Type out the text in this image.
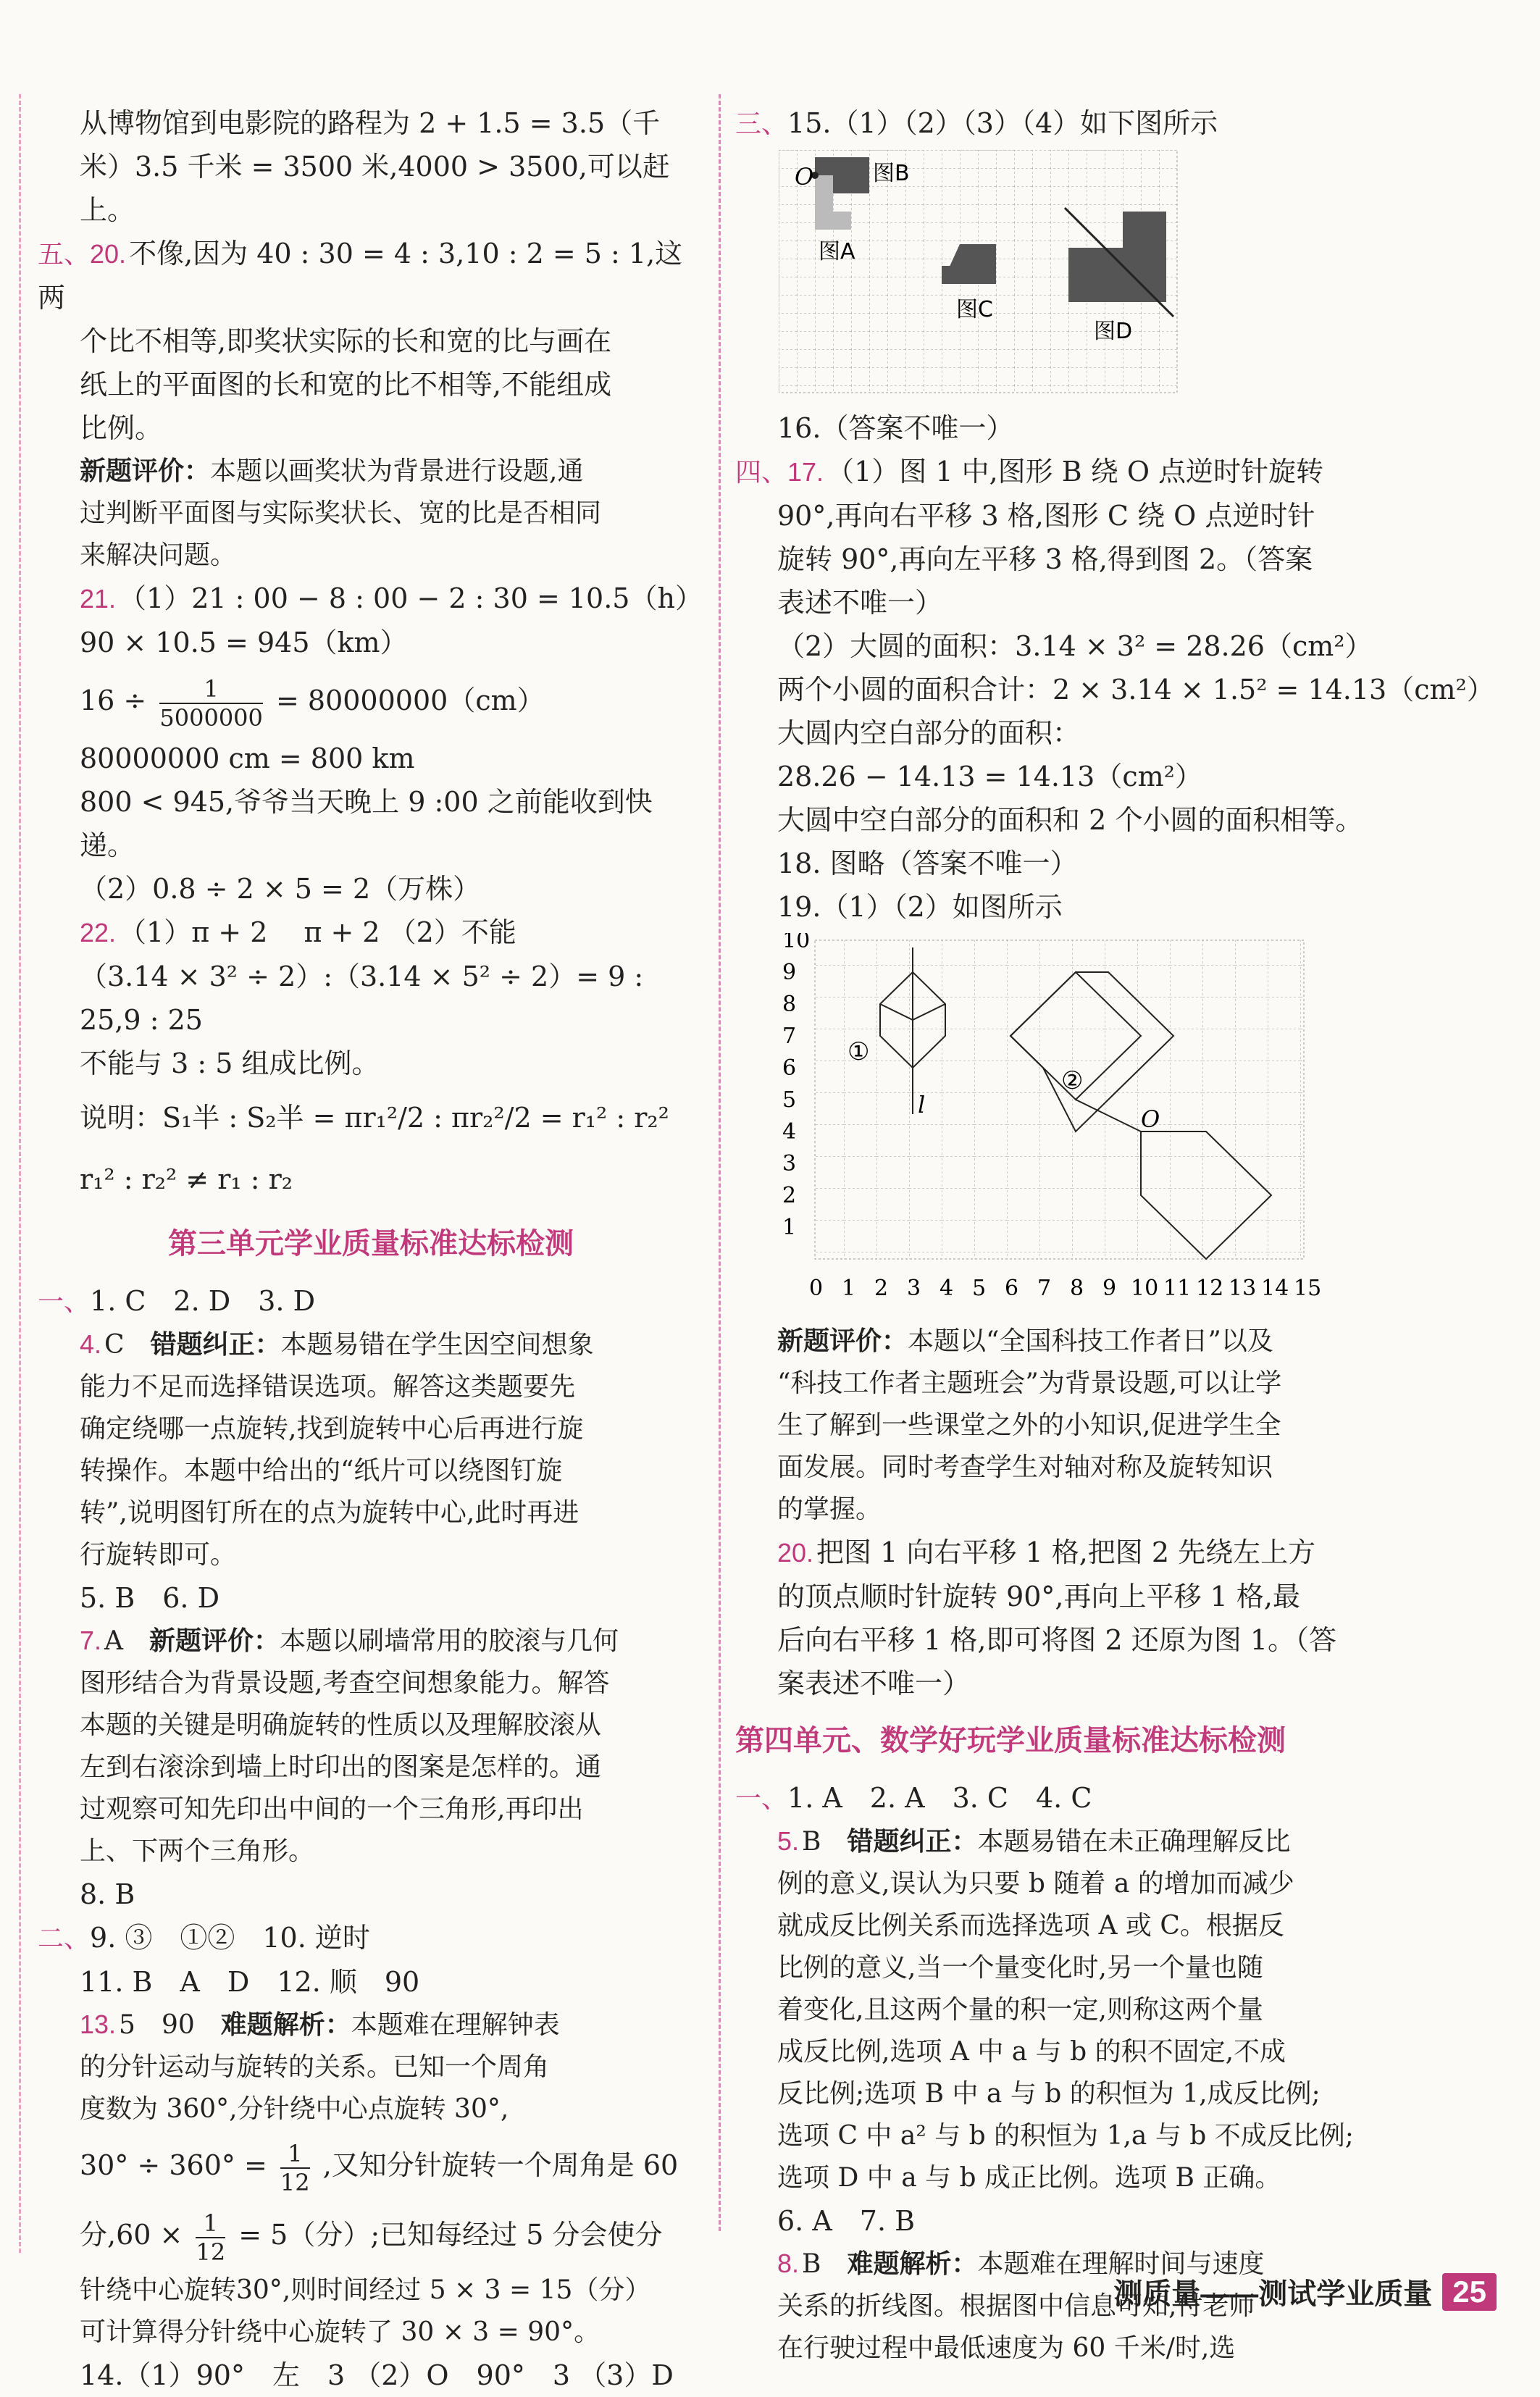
从博物馆到电影院的路程为 2 + 1.5 = 3.5（千

米）3.5 千米 = 3500 米,4000 > 3500,可以赶上。

五、20. 不像,因为 40 : 30 = 4 : 3,10 : 2 = 5 : 1,这两

个比不相等,即奖状实际的长和宽的比与画在

纸上的平面图的长和宽的比不相等,不能组成

比例。

新题评价：本题以画奖状为背景进行设题,通

过判断平面图与实际奖状长、宽的比是否相同

来解决问题。

21. （1）21 : 00 − 8 : 00 − 2 : 30 = 10.5（h）

90 × 10.5 = 945（km）

$16 \div \frac{1}{5000000} = 80000000(cm)$

80000000 cm = 800 km

800 < 945,爷爷当天晚上 9 :00 之前能收到快递。

（2）0.8 ÷ 2 × 5 = 2（万株）

22. （1）π + 2　 π + 2 （2）不能

（3.14 × 3² ÷ 2）:（3.14 × 5² ÷ 2）= 9 : 25,9 : 25

不能与 3 : 5 组成比例。

说明：S₁半 : S₂半 = πr₁²/2 : πr₂²/2 = r₁² : r₂²

r₁² : r₂² ≠ r₁ : r₂

第三单元学业质量标准达标检测

一、1. C　2. D　3. D

4. C　 错题纠正：本题易错在学生因空间想象

能力不足而选择错误选项。解答这类题要先

确定绕哪一点旋转,找到旋转中心后再进行旋

转操作。本题中给出的“纸片可以绕图钉旋

转”,说明图钉所在的点为旋转中心,此时再进

行旋转即可。

5. B　6. D

7. A　 新题评价：本题以刷墙常用的胶滚与几何

图形结合为背景设题,考查空间想象能力。解答

本题的关键是明确旋转的性质以及理解胶滚从

左到右滚涂到墙上时印出的图案是怎样的。通

过观察可知先印出中间的一个三角形,再印出

上、下两个三角形。

8. B

二、9. ③　①②　10. 逆时

11. B　A　D　12. 顺　90

13. 5　90　 难题解析：本题难在理解钟表

的分针运动与旋转的关系。已知一个周角

度数为 360°,分针绕中心点旋转 30°,

$30^\circ \div 360^\circ = \frac{1}{12}$ ,又知分针旋转一个周角是 60

分$,60 \times \frac{1}{12} = 5$（分）;已知每经过 5 分会使分

针绕中心旋转30°,则时间经过 5 × 3 = 15（分）

可计算得分针绕中心旋转了 30 × 3 = 90°。

14.（1）90°　左　3 （2）O　90°　3 （3）D

三、15.（1）（2）（3）（4）如下图所示

O	图B
图A
图C
图D

16.（答案不唯一）

四、17. （1）图 1 中,图形 B 绕 O 点逆时针旋转

90°,再向右平移 3 格,图形 C 绕 O 点逆时针

旋转 90°,再向左平移 3 格,得到图 2。（答案

表述不唯一）

（2）大圆的面积：3.14 × 3² = 28.26（cm²）

两个小圆的面积合计：2 × 3.14 × 1.5² = 14.13（cm²）

大圆内空白部分的面积：

28.26 − 14.13 = 14.13（cm²）

大圆中空白部分的面积和 2 个小圆的面积相等。

18. 图略（答案不唯一）

19.（1）（2）如图所示

1
2
3
4
5
6
7
8
9
10
0 1 2 3 4 5 6 7 8 9 10 11 12 13 14 15
①
l
②
O

新题评价：本题以“全国科技工作者日”以及

“科技工作者主题班会”为背景设题,可以让学

生了解到一些课堂之外的小知识,促进学生全

面发展。同时考查学生对轴对称及旋转知识

的掌握。

20. 把图 1 向右平移 1 格,把图 2 先绕左上方

的顶点顺时针旋转 90°,再向上平移 1 格,最

后向右平移 1 格,即可将图 2 还原为图 1。（答

案表述不唯一）

第四单元、数学好玩学业质量标准达标检测

一、1. A　2. A　3. C　4. C

5. B　 错题纠正：本题易错在未正确理解反比

例的意义,误认为只要 b 随着 a 的增加而减少

就成反比例关系而选择选项 A 或 C。根据反

比例的意义,当一个量变化时,另一个量也随

着变化,且这两个量的积一定,则称这两个量

成反比例,选项 A 中 a 与 b 的积不固定,不成

反比例;选项 B 中 a 与 b 的积恒为 1,成反比例;

选项 C 中 a² 与 b 的积恒为 1,a 与 b 不成反比例;

选项 D 中 a 与 b 成正比例。选项 B 正确。

6. A　7. B

8. B　 难题解析：本题难在理解时间与速度

关系的折线图。根据图中信息可知,付老师

在行驶过程中最低速度为 60 千米/时,选

测质量——测试学业质量 25
